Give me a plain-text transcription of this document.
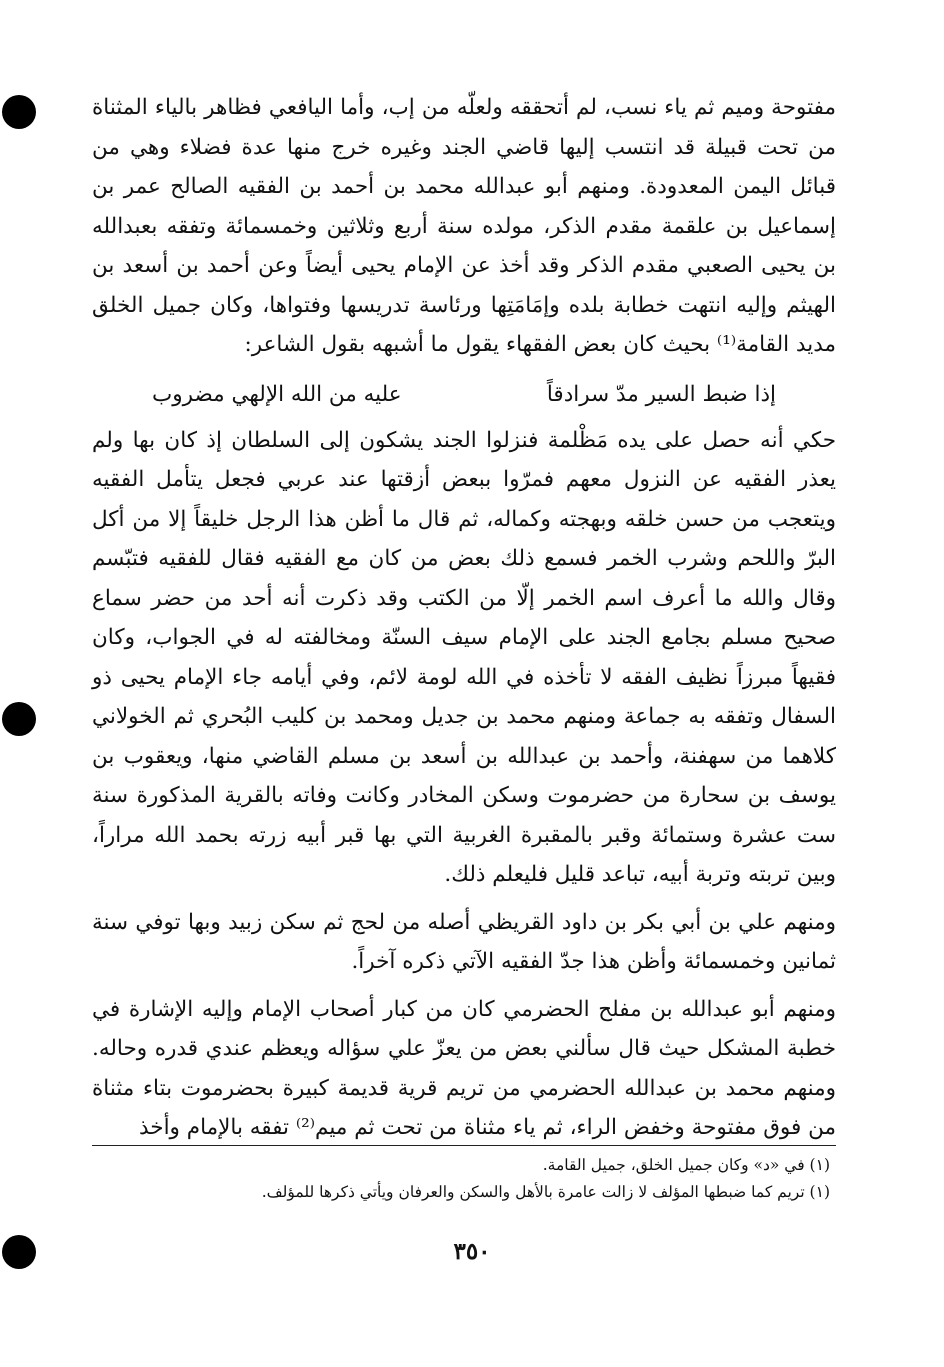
مفتوحة وميم ثم ياء نسب، لم أتحققه ولعلّه من إب، وأما اليافعي فظاهر بالياء المثناة من تحت قبيلة قد انتسب إليها قاضي الجند وغيره خرج منها عدة فضلاء وهي من قبائل اليمن المعدودة. ومنهم أبو عبدالله محمد بن أحمد بن الفقيه الصالح عمر بن إسماعيل بن علقمة مقدم الذكر، مولده سنة أربع وثلاثين وخمسمائة وتفقه بعبدالله بن يحيى الصعبي مقدم الذكر وقد أخذ عن الإمام يحيى أيضاً وعن أحمد بن أسعد بن الهيثم وإليه انتهت خطابة بلده وإمَامَتِها ورئاسة تدريسها وفتواها، وكان جميل الخلق مديد القامة⁽¹⁾ بحيث كان بعض الفقهاء يقول ما أشبهه بقول الشاعر:

إذا ضبط السير مدّ سرادقاً
عليه من الله الإلهي مضروب

حكي أنه حصل على يده مَظْلمة فنزلوا الجند يشكون إلى السلطان إذ كان بها ولم يعذر الفقيه عن النزول معهم فمرّوا ببعض أزقتها عند عربي فجعل يتأمل الفقيه ويتعجب من حسن خلقه وبهجته وكماله، ثم قال ما أظن هذا الرجل خليقاً إلا من أكل البرّ واللحم وشرب الخمر فسمع ذلك بعض من كان مع الفقيه فقال للفقيه فتبّسم وقال والله ما أعرف اسم الخمر إلّا من الكتب وقد ذكرت أنه أحد من حضر سماع صحيح مسلم بجامع الجند على الإمام سيف السنّة ومخالفته له في الجواب، وكان فقيهاً مبرزاً نظيف الفقه لا تأخذه في الله لومة لائم، وفي أيامه جاء الإمام يحيى ذو السفال وتفقه به جماعة ومنهم محمد بن جديل ومحمد بن كليب البُحري ثم الخولاني كلاهما من سهفنة، وأحمد بن عبدالله بن أسعد بن مسلم القاضي منها، ويعقوب بن يوسف بن سحارة من حضرموت وسكن المخادر وكانت وفاته بالقرية المذكورة سنة ست عشرة وستمائة وقبر بالمقبرة الغربية التي بها قبر أبيه زرته بحمد الله مراراً، وبين تربته وتربة أبيه، تباعد قليل فليعلم ذلك.

ومنهم علي بن أبي بكر بن داود القريظي أصله من لحج ثم سكن زبيد وبها توفي سنة ثمانين وخمسمائة وأظن هذا جدّ الفقيه الآتي ذكره آخراً.

ومنهم أبو عبدالله بن مفلح الحضرمي كان من كبار أصحاب الإمام وإليه الإشارة في خطبة المشكل حيث قال سألني بعض من يعزّ علي سؤاله ويعظم عندي قدره وحاله. ومنهم محمد بن عبدالله الحضرمي من تريم قرية قديمة كبيرة بحضرموت بتاء مثناة من فوق مفتوحة وخفض الراء، ثم ياء مثناة من تحت ثم ميم⁽²⁾ تفقه بالإمام وأخذ

(١) في «د» وكان جميل الخلق، جميل القامة.
(١) تريم كما ضبطها المؤلف لا زالت عامرة بالأهل والسكن والعرفان ويأتي ذكرها للمؤلف.
٣٥٠
